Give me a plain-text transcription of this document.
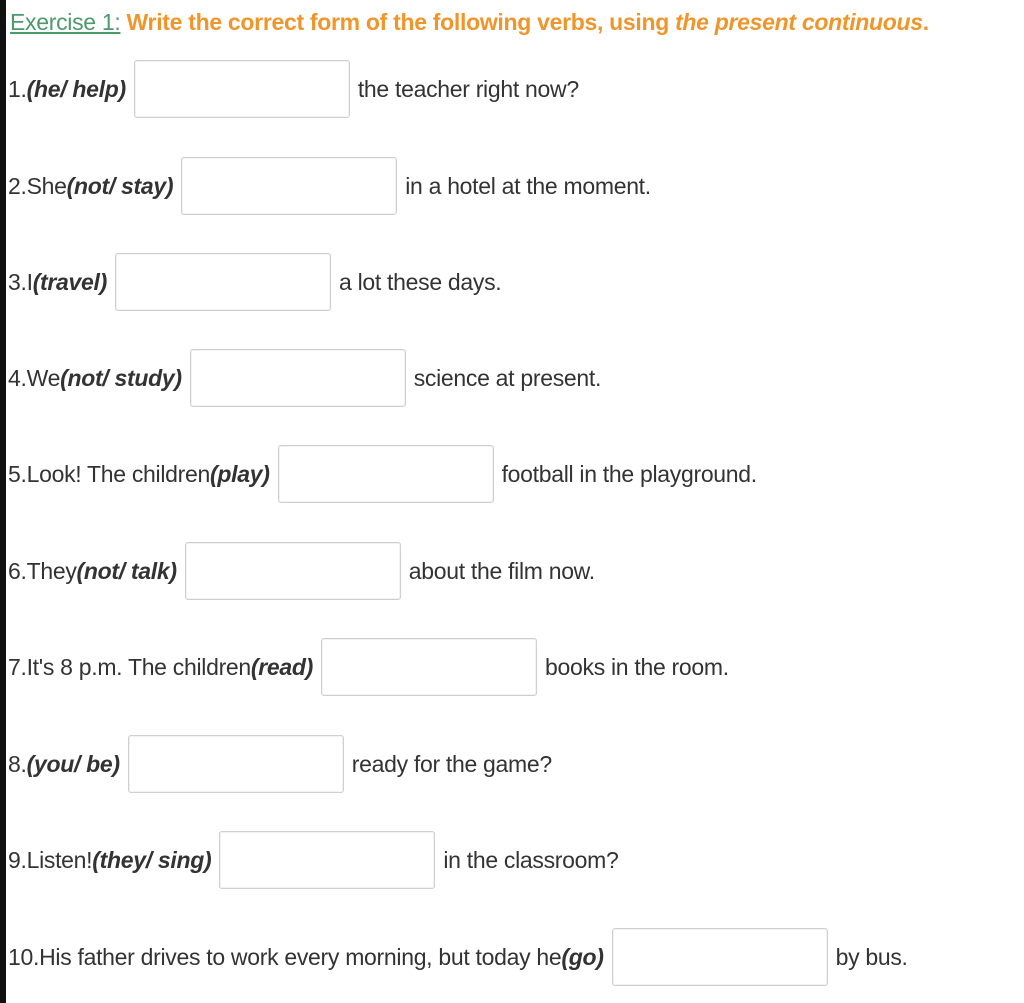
Exercise 1: Write the correct form of the following verbs, using the present continuous.
1. (he/ help)	the teacher right now?
2. She (not/ stay)	in a hotel at the moment.
3. I (travel)	a lot these days.
4. We (not/ study)	science at present.
5. Look! The children (play)	football in the playground.
6. They (not/ talk)	about the film now.
7. It's 8 p.m. The children (read)	books in the room.
8. (you/ be)	ready for the game?
9. Listen! (they/ sing)	in the classroom?
10. His father drives to work every morning, but today he (go)	by bus.
